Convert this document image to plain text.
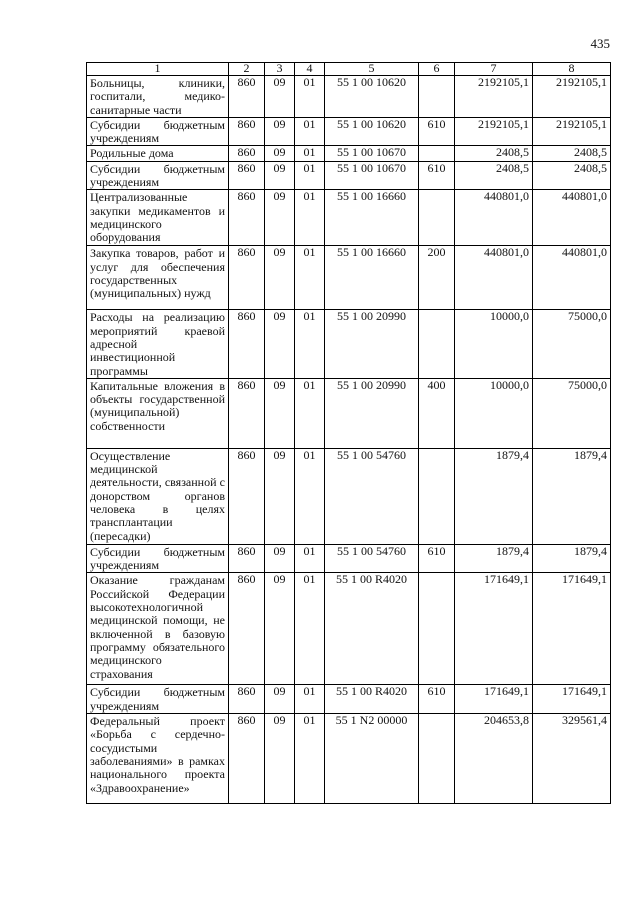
435
1	2	3	4	5	6	7	8

Больницы, клиники, госпитали, медико-санитарные части	860	09	01	55 1 00 10620		2192105,1	2192105,1

Субсидии бюджетным учреждениям	860	09	01	55 1 00 10620	610	2192105,1	2192105,1

Родильные дома	860	09	01	55 1 00 10670		2408,5	2408,5

Субсидии бюджетным учреждениям	860	09	01	55 1 00 10670	610	2408,5	2408,5

Централизованные закупки медикаментов и медицинского оборудования	860	09	01	55 1 00 16660		440801,0	440801,0

Закупка товаров, работ и услуг для обеспечения государственных (муниципальных) нужд	860	09	01	55 1 00 16660	200	440801,0	440801,0

Расходы на реализацию мероприятий краевой адресной инвестиционной программы	860	09	01	55 1 00 20990		10000,0	75000,0

Капитальные вложения в объекты государственной (муниципальной) собственности	860	09	01	55 1 00 20990	400	10000,0	75000,0

Осуществление медицинской деятельности, связанной с донорством органов человека в целях трансплантации (пересадки)	860	09	01	55 1 00 54760		1879,4	1879,4

Субсидии бюджетным учреждениям	860	09	01	55 1 00 54760	610	1879,4	1879,4

Оказание гражданам Российской Федерации высокотехнологичной медицинской помощи, не включенной в базовую программу обязательного медицинского страхования	860	09	01	55 1 00 R4020		171649,1	171649,1

Субсидии бюджетным учреждениям	860	09	01	55 1 00 R4020	610	171649,1	171649,1

Федеральный проект «Борьба с сердечно-сосудистыми заболеваниями» в рамках национального проекта «Здравоохранение»	860	09	01	55 1 N2 00000		204653,8	329561,4
